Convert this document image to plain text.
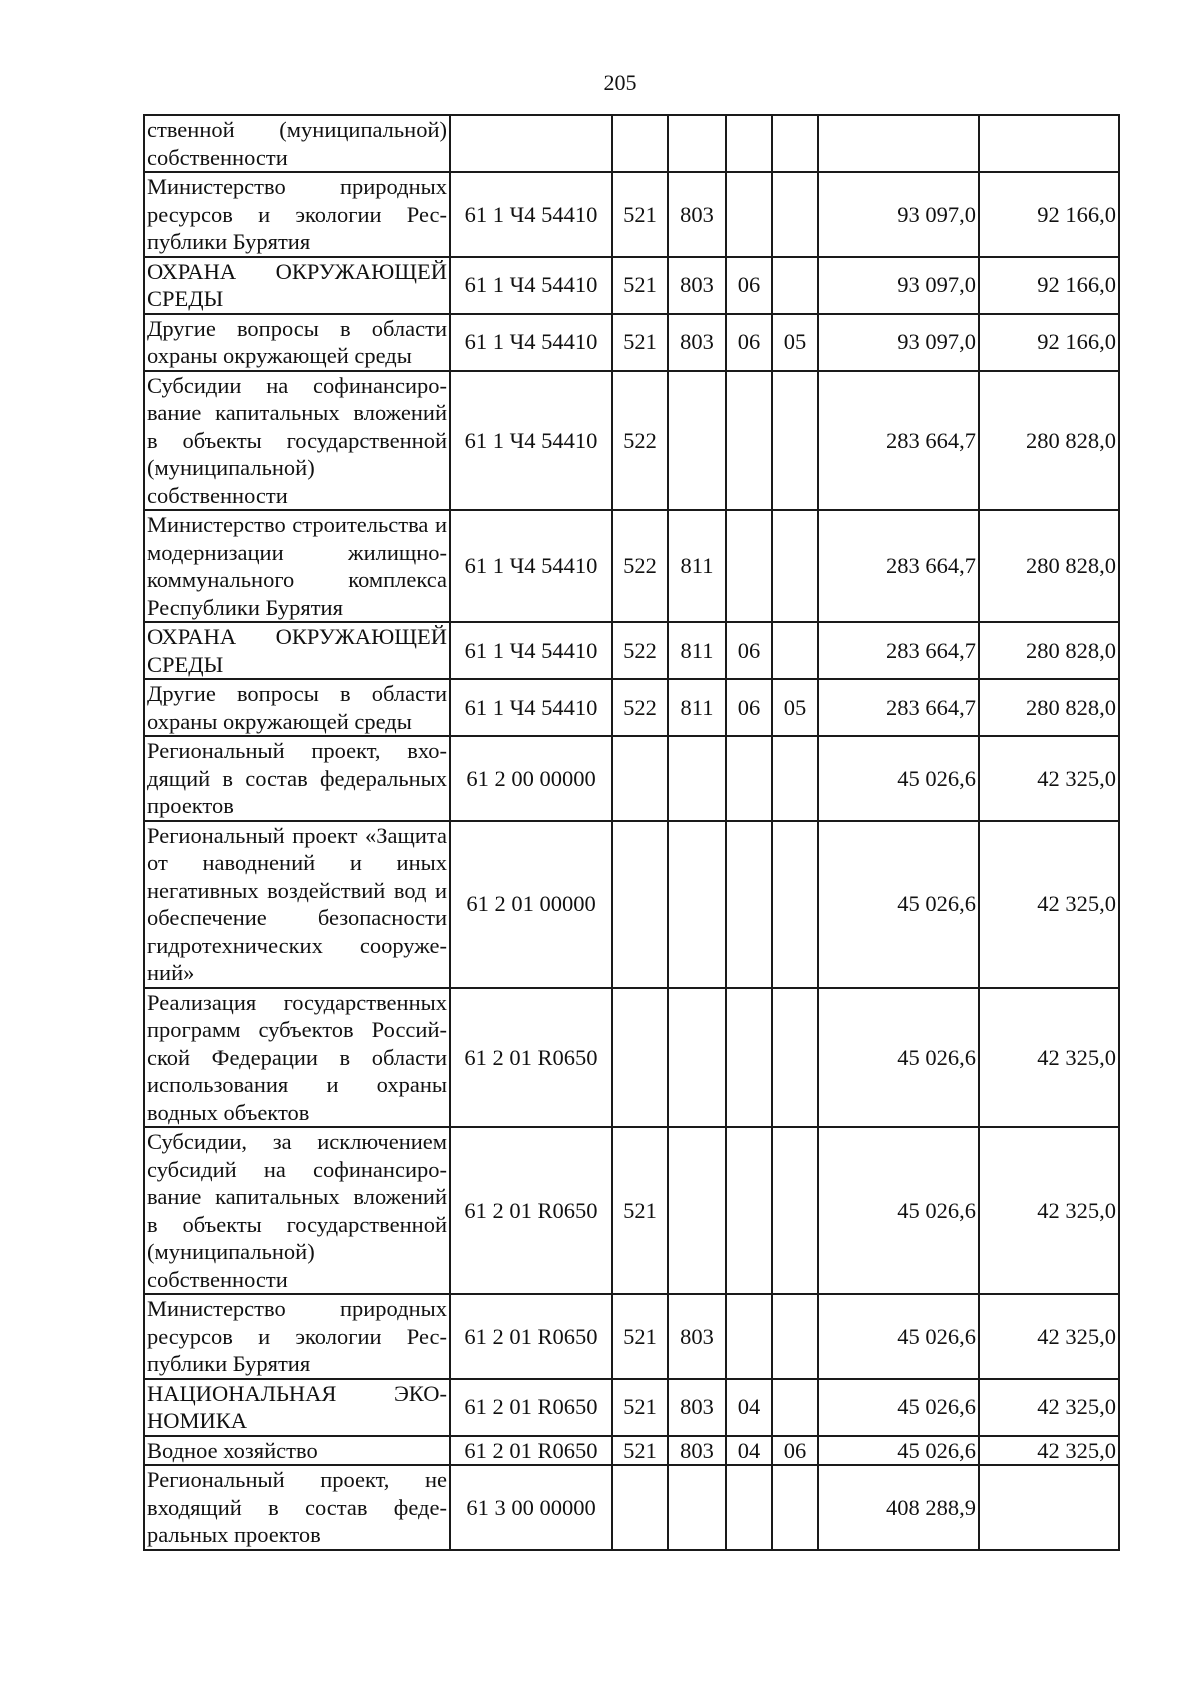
205
ственной (муниципальной) собственности							
Министерство природных ресурсов и экологии Республики Бурятия	61 1 Ч4 54410	521	803			93 097,0	92 166,0
ОХРАНА ОКРУЖАЮЩЕЙ СРЕДЫ	61 1 Ч4 54410	521	803	06		93 097,0	92 166,0
Другие вопросы в области охраны окружающей среды	61 1 Ч4 54410	521	803	06	05	93 097,0	92 166,0
Субсидии на софинансирование капитальных вложений в объекты государственной (муниципальной) собственности	61 1 Ч4 54410	522				283 664,7	280 828,0
Министерство строительства и модернизации жилищно-коммунального комплекса Республики Бурятия	61 1 Ч4 54410	522	811			283 664,7	280 828,0
ОХРАНА ОКРУЖАЮЩЕЙ СРЕДЫ	61 1 Ч4 54410	522	811	06		283 664,7	280 828,0
Другие вопросы в области охраны окружающей среды	61 1 Ч4 54410	522	811	06	05	283 664,7	280 828,0
Региональный проект, входящий в состав федеральных проектов	61 2 00 00000					45 026,6	42 325,0
Региональный проект «Защита от наводнений и иных негативных воздействий вод и обеспечение безопасности гидротехнических сооружений»	61 2 01 00000					45 026,6	42 325,0
Реализация государственных программ субъектов Российской Федерации в области использования и охраны водных объектов	61 2 01 R0650					45 026,6	42 325,0
Субсидии, за исключением субсидий на софинансирование капитальных вложений в объекты государственной (муниципальной) собственности	61 2 01 R0650	521				45 026,6	42 325,0
Министерство природных ресурсов и экологии Республики Бурятия	61 2 01 R0650	521	803			45 026,6	42 325,0
НАЦИОНАЛЬНАЯ ЭКОНОМИКА	61 2 01 R0650	521	803	04		45 026,6	42 325,0
Водное хозяйство	61 2 01 R0650	521	803	04	06	45 026,6	42 325,0
Региональный проект, не входящий в состав федеральных проектов	61 3 00 00000					408 288,9	
